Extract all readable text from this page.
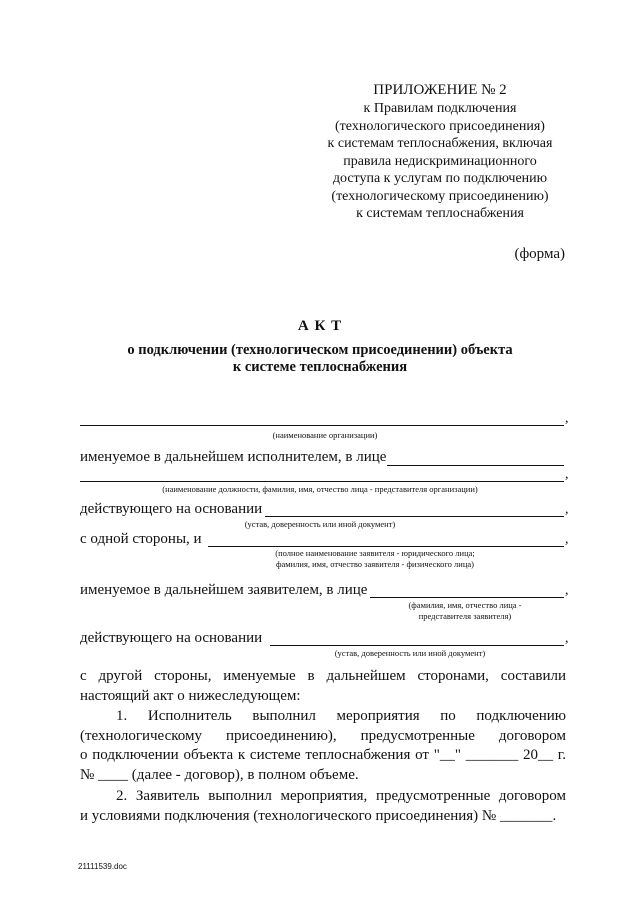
ПРИЛОЖЕНИЕ № 2
к Правилам подключения
(технологического присоединения)
к системам теплоснабжения, включая
правила недискриминационного
доступа к услугам по подключению
(технологическому присоединению)
к системам теплоснабжения
(форма)
А К Т
о подключении (технологическом присоединении) объекта
к системе теплоснабжения
,
(наименование организации)
именуемое в дальнейшем исполнителем, в лице
,
(наименование должности, фамилия, имя, отчество лица - представителя организации)
действующего на основании	,
(устав, доверенность или иной документ)
с одной стороны, и	,
(полное наименование заявителя - юридического лица;
фамилия, имя, отчество заявителя - физического лица)
именуемое в дальнейшем заявителем, в лице	,
(фамилия, имя, отчество лица -
представителя заявителя)
действующего на основании	,
(устав, доверенность или иной документ)
с другой стороны, именуемые в дальнейшем сторонами, составили
настоящий акт о нижеследующем:
1. Исполнитель выполнил мероприятия по подключению
(технологическому присоединению), предусмотренные договором
о подключении объекта к системе теплоснабжения от "__" _______ 20__ г.
№ ____ (далее - договор), в полном объеме.
2. Заявитель выполнил мероприятия, предусмотренные договором
и условиями подключения (технологического присоединения) № _______.
21111539.doc
